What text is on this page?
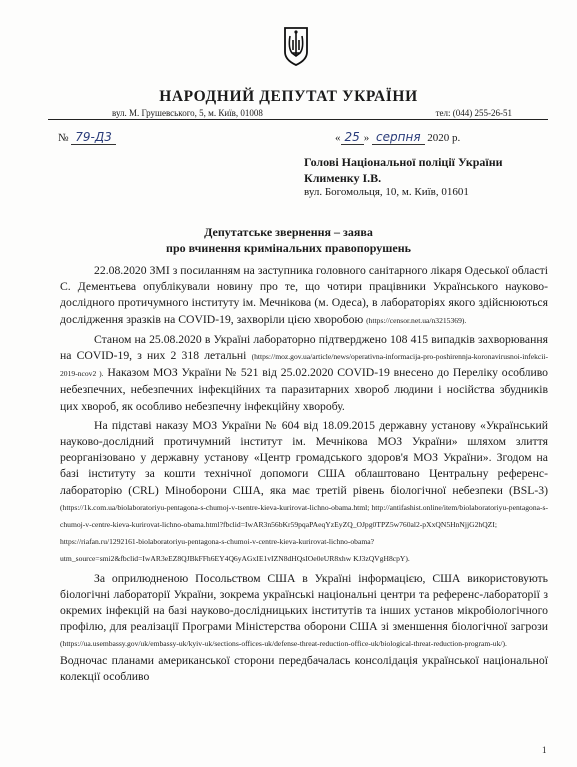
НАРОДНИЙ ДЕПУТАТ УКРАЇНИ
вул. М. Грушевського, 5, м. Київ, 01008	тел: (044) 255-26-51
№ 79-Д3	« 25 » серпня 2020 р.
Голові Національної поліції України
Клименку І.В.
вул. Богомольця, 10, м. Київ, 01601
Депутатське звернення – заява
про вчинення кримінальних правопорушень

22.08.2020 ЗМІ з посиланням на заступника головного санітарного лікаря Одеської області С. Дементьева опублікували новину про те, що чотири працівники Українського науково-дослідного протичумного інституту ім. Мечнікова (м. Одеса), в лабораторіях якого здійснюються дослідження зразків на COVID-19, захворіли цією хворобою (https://censor.net.ua/n3215369).

Станом на 25.08.2020 в Україні лабораторно підтверджено 108 415 випадків захворювання на COVID-19, з них 2 318 летальні (https://moz.gov.ua/article/news/operativna-informacija-pro-poshirennja-koronavirusnoi-infekcii-2019-ncov2 ). Наказом МОЗ України № 521 від 25.02.2020 COVID-19 внесено до Переліку особливо небезпечних, небезпечних інфекційних та паразитарних хвороб людини і носійства збудників цих хвороб, як особливо небезпечну інфекційну хворобу.

На підставі наказу МОЗ України № 604 від 18.09.2015 державну установу «Український науково-дослідний протичумний інститут ім. Мечнікова МОЗ України» шляхом злиття реорганізовано у державну установу «Центр громадського здоров'я МОЗ України». Згодом на базі інституту за кошти технічної допомоги США облаштовано Центральну референс-лабораторію (CRL) Міноборони США, яка має третій рівень біологічної небезпеки (BSL-3) (https://1k.com.ua/biolaboratoriyu-pentagona-s-chumoj-v-tsentre-kieva-kurirovat-lichno-obama.html; http://antifashist.online/item/biolaboratoriyu-pentagona-s-chumoj-v-centre-kieva-kurirovat-lichno-obama.html?fbclid=IwAR3n56bKr59pqaPAeqYzEyZQ_OJpg0TPZ5w760al2-pXxQN5HnNjjG2hQZI; https://riafan.ru/1292161-biolaboratoriyu-pentagona-s-chumoi-v-centre-kieva-kurirovat-lichno-obama?utm_source=smi2&fbclid=IwAR3eEZ8QJBkFFh6EY4Q6yAGxIE1vIZN8dHQsIOe0eUR8xhw KJ3zQVgH8cpY).

За оприлюдненою Посольством США в Україні інформацією, США використовують біологічні лабораторії України, зокрема українські національні центри та референс-лабораторії з окремих інфекцій на базі науково-дослідницьких інститутів та інших установ мікробіологічного профілю, для реалізації Програми Міністерства оборони США зі зменшення біологічної загрози (https://ua.usembassy.gov/uk/embassy-uk/kyiv-uk/sections-offices-uk/defense-threat-reduction-office-uk/biological-threat-reduction-program-uk/). Водночас планами американської сторони передбачалась консолідація української національної колекції особливо

1
